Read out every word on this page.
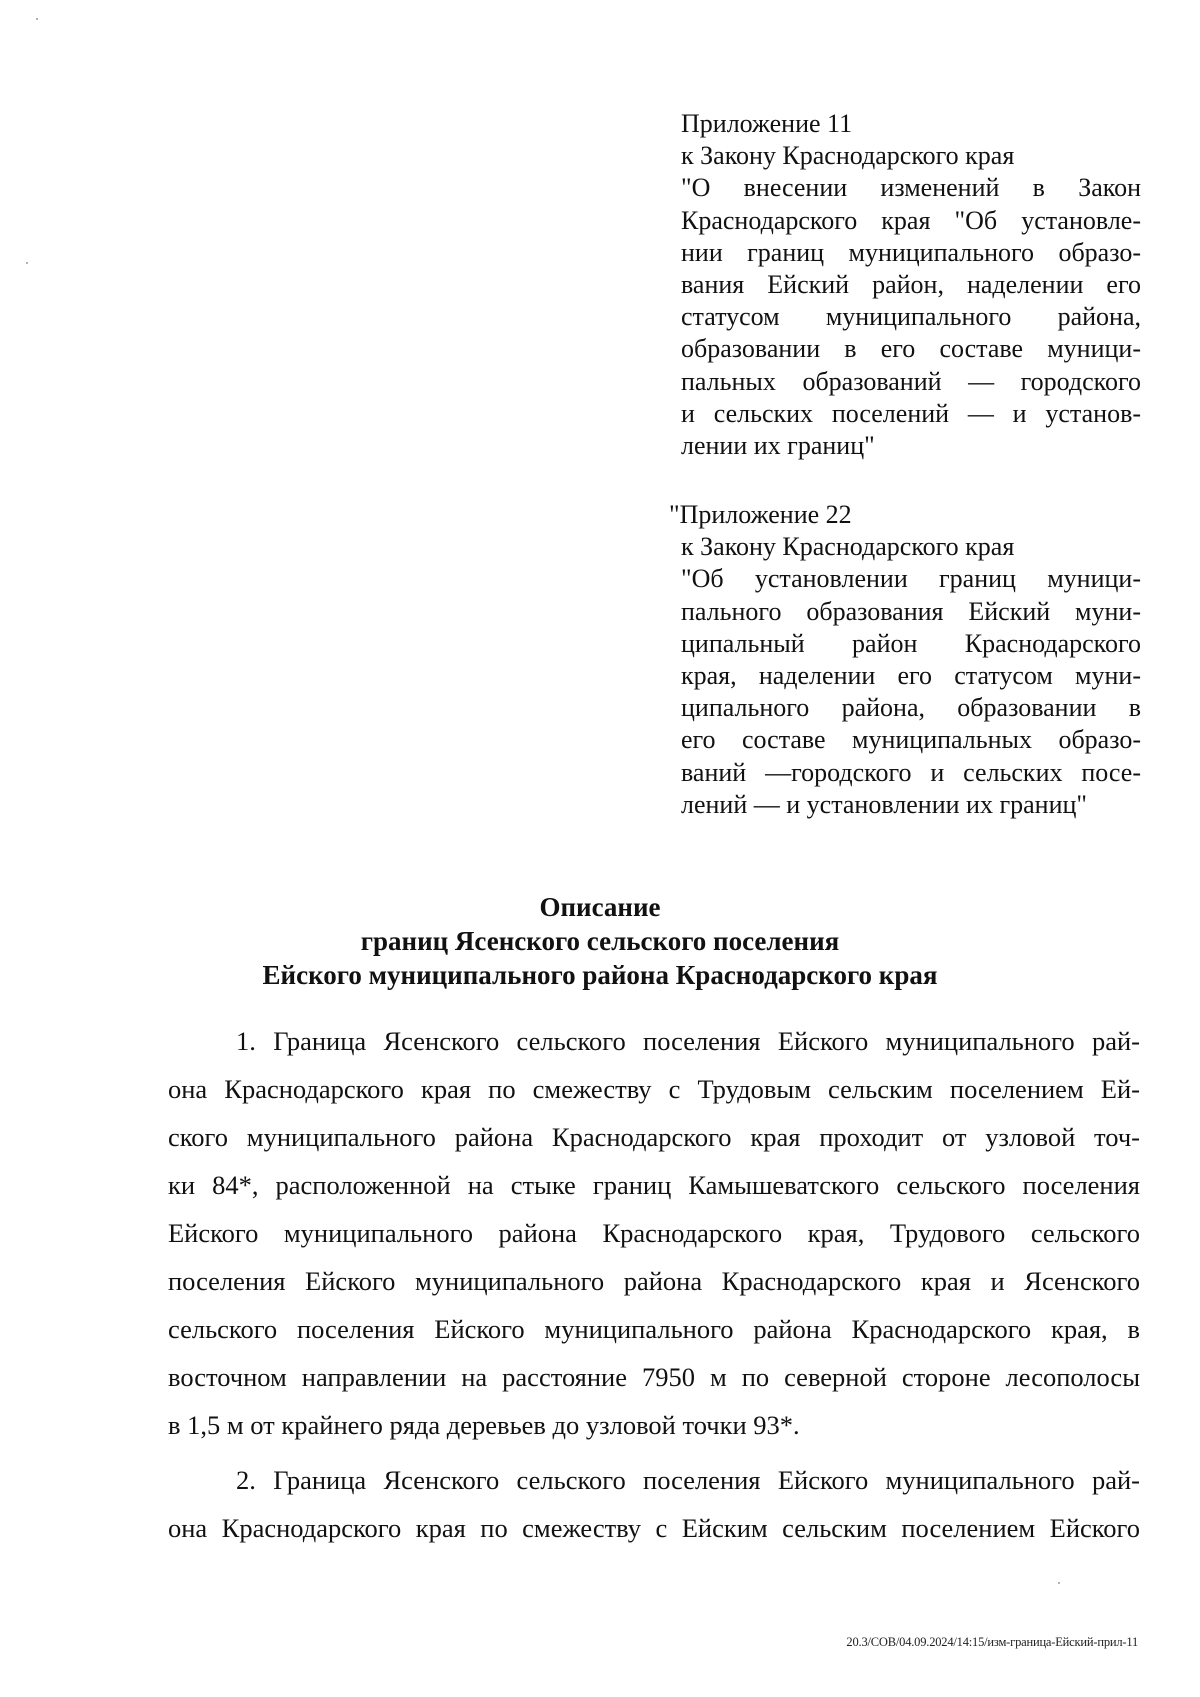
Приложение 11
к Закону Краснодарского края
"О внесении изменений в Закон
Краснодарского края "Об установле-
нии границ муниципального образо-
вания Ейский район, наделении его
статусом муниципального района,
образовании в его составе муници-
пальных образований — городского
и сельских поселений — и установ-
лении их границ"
"Приложение 22
к Закону Краснодарского края
"Об установлении границ муници-
пального образования Ейский муни-
ципальный район Краснодарского
края, наделении его статусом муни-
ципального района, образовании в
его составе муниципальных образо-
ваний —городского и сельских посе-
лений — и установлении их границ"
Описание
границ Ясенского сельского поселения
Ейского муниципального района Краснодарского края
1. Граница Ясенского сельского поселения Ейского муниципального рай-
она Краснодарского края по смежеству с Трудовым сельским поселением Ей-
ского муниципального района Краснодарского края проходит от узловой точ-
ки 84*, расположенной на стыке границ Камышеватского сельского поселения
Ейского муниципального района Краснодарского края, Трудового сельского
поселения Ейского муниципального района Краснодарского края и Ясенского
сельского поселения Ейского муниципального района Краснодарского края, в
восточном направлении на расстояние 7950 м по северной стороне лесополосы
в 1,5 м от крайнего ряда деревьев до узловой точки 93*.
2. Граница Ясенского сельского поселения Ейского муниципального рай-
она Краснодарского края по смежеству с Ейским сельским поселением Ейского
20.3/СОВ/04.09.2024/14:15/изм-граница-Ейский-прил-11
